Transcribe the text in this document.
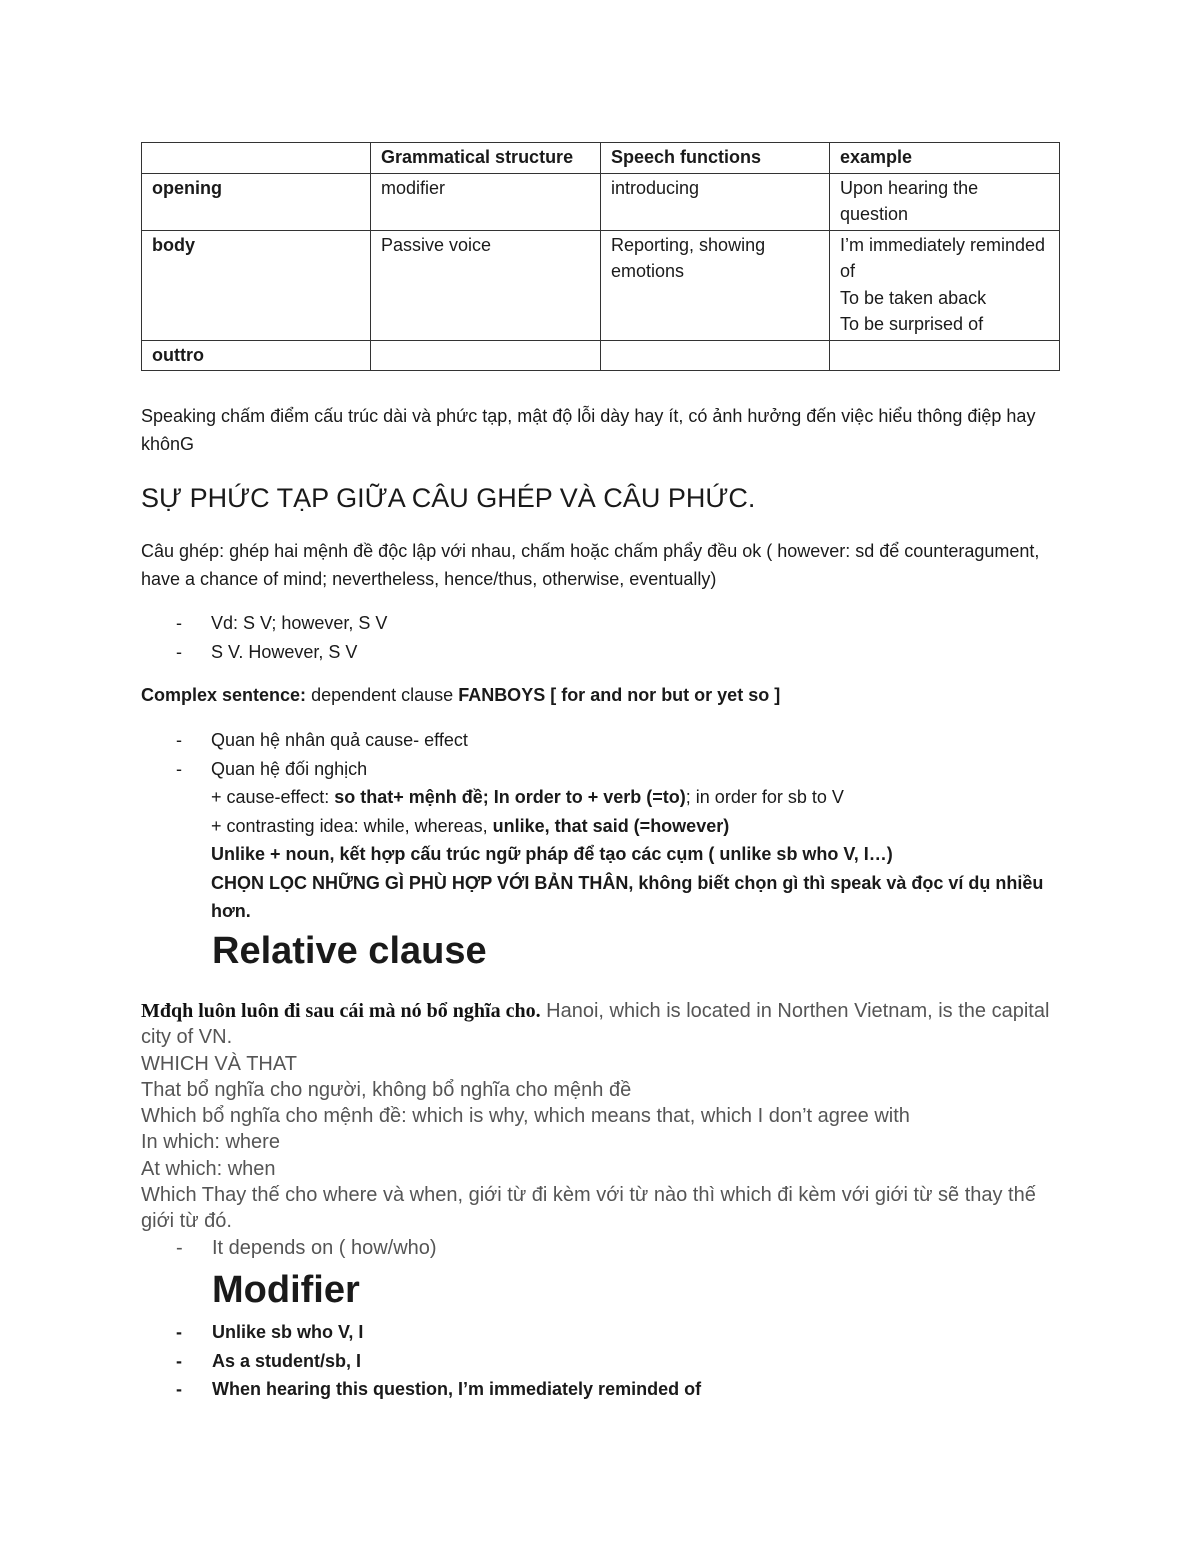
	Grammatical structure	Speech functions	example
opening	modifier	introducing	Upon hearing the question

body	Passive voice	Reporting, showing emotions	I’m immediately reminded of
To be taken aback
To be surprised of

outtro			
Speaking chấm điểm cấu trúc dài và phức tạp, mật độ lỗi dày hay ít, có ảnh hưởng đến việc hiểu thông điệp hay khônG
SỰ PHỨC TẠP GIỮA CÂU GHÉP VÀ CÂU PHỨC.
Câu ghép: ghép hai mệnh đề độc lập với nhau, chấm hoặc chấm phẩy đều ok ( however: sd để counteragument, have a chance of mind; nevertheless, hence/thus, otherwise, eventually)
-	Vd: S V; however, S V
-	S V. However, S V
Complex sentence: dependent clause FANBOYS [ for and nor but or yet so ]
-	Quan hệ nhân quả cause- effect
-	Quan hệ đối nghịch
+ cause-effect: so that+ mệnh đề; In order to + verb (=to); in order for sb to V
+ contrasting idea: while, whereas, unlike, that said (=however)
Unlike + noun, kết hợp cấu trúc ngữ pháp để tạo các cụm ( unlike sb who V, I…)
CHỌN LỌC NHỮNG GÌ PHÙ HỢP VỚI BẢN THÂN, không biết chọn gì thì speak và đọc ví dụ nhiều hơn.
Relative clause
Mđqh luôn luôn đi sau cái mà nó bổ nghĩa cho. Hanoi, which is located in Northen Vietnam, is the capital city of VN.
WHICH VÀ THAT
That bổ nghĩa cho người, không bổ nghĩa cho mệnh đề
Which bổ nghĩa cho mệnh đề: which is why, which means that, which I don’t agree with
In which: where
At which: when
Which Thay thế cho where và when, giới từ đi kèm với từ nào thì which đi kèm với giới từ sẽ thay thế giới từ đó.
- It depends on ( how/who)
Modifier
- Unlike sb who V, I
- As a student/sb, I
- When hearing this question, I’m immediately reminded of
